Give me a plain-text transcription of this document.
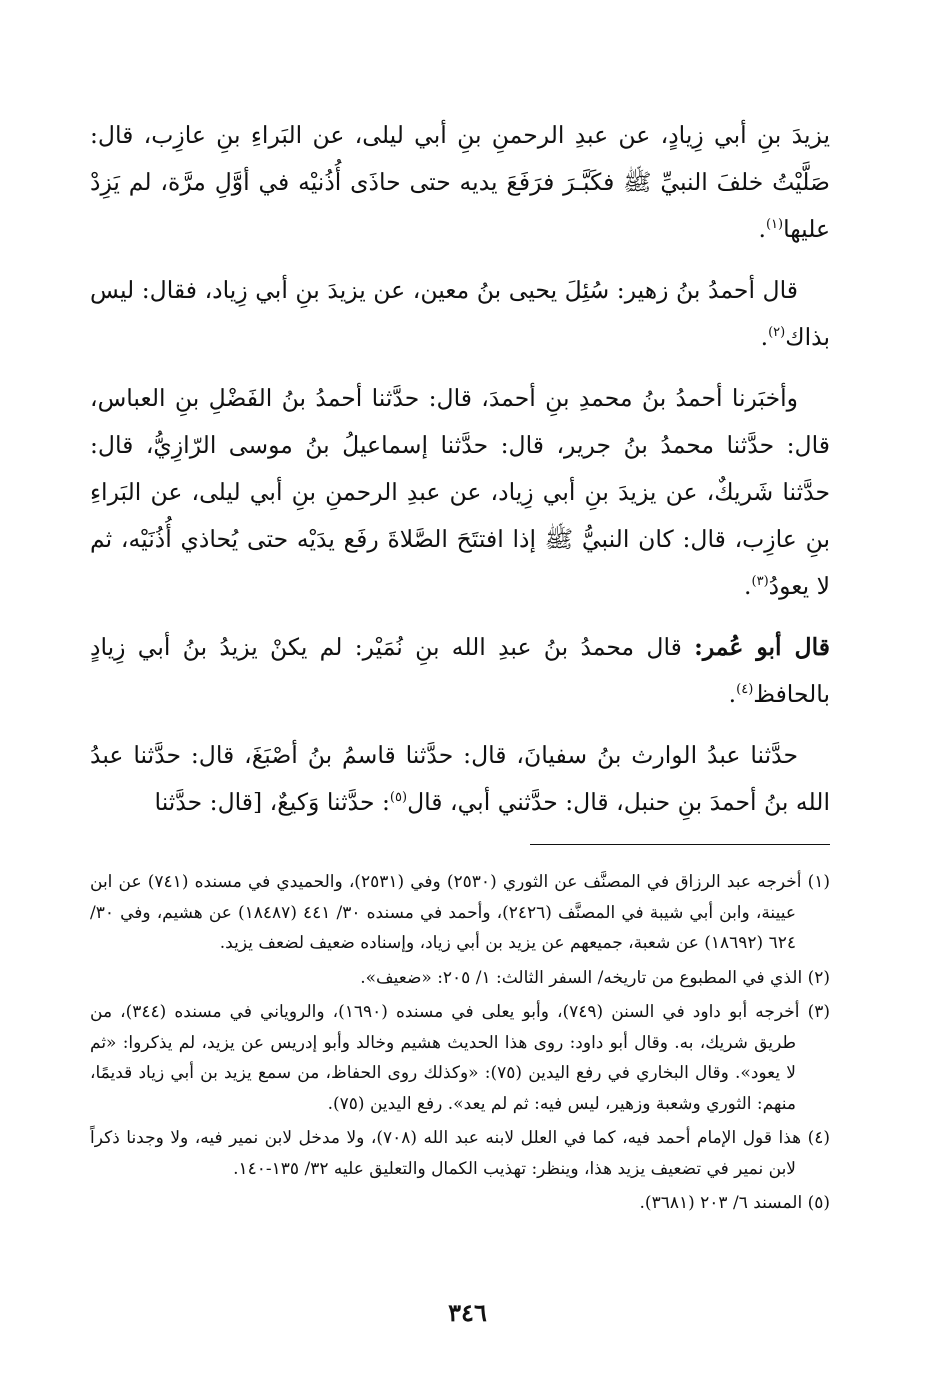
يزيدَ بنِ أبي زِيادٍ، عن عبدِ الرحمنِ بنِ أبي ليلى، عن البَراءِ بنِ عازِب، قال: صَلَّيْتُ خلفَ النبيِّ ﷺ فكَبَّـرَ فرَفَعَ يديه حتى حاذَى أُذُنيْه في أوَّلِ مرَّة، لم يَزِدْ عليها$^{(١)}$.

قال أحمدُ بنُ زهير: سُئِلَ يحيى بنُ معين، عن يزيدَ بنِ أبي زِياد، فقال: ليس بذاك$^{(٢)}$.

وأخبَرنا أحمدُ بنُ محمدِ بنِ أحمدَ، قال: حدَّثنا أحمدُ بنُ الفَضْلِ بنِ العباس، قال: حدَّثنا محمدُ بنُ جرير، قال: حدَّثنا إسماعيلُ بنُ موسى الرّازِيُّ، قال: حدَّثنا شَريكٌ، عن يزيدَ بنِ أبي زِياد، عن عبدِ الرحمنِ بنِ أبي ليلى، عن البَراءِ بنِ عازِب، قال: كان النبيُّ ﷺ إذا افتتَحَ الصَّلاةَ رفَع يدَيْه حتى يُحاذي أُذُنَيْه، ثم لا يعودُ$^{(٣)}$.

قال أبو عُمر: قال محمدُ بنُ عبدِ الله بنِ نُمَيْر: لم يكنْ يزيدُ بنُ أبي زِيادٍ بالحافظ$^{(٤)}$.

حدَّثنا عبدُ الوارث بنُ سفيانَ، قال: حدَّثنا قاسمُ بنُ أصْبَغَ، قال: حدَّثنا عبدُ الله بنُ أحمدَ بنِ حنبل، قال: حدَّثني أبي، قال$^{(٥)}$: حدَّثنا وَكيعٌ، [قال: حدَّثنا

(١) أخرجه عبد الرزاق في المصنَّف عن الثوري (٢٥٣٠) وفي (٢٥٣١)، والحميدي في مسنده (٧٤١) عن ابن عيينة، وابن أبي شيبة في المصنَّف (٢٤٢٦)، وأحمد في مسنده ٣٠/ ٤٤١ (١٨٤٨٧) عن هشيم، وفي ٣٠/ ٦٢٤ (١٨٦٩٢) عن شعبة، جميعهم عن يزيد بن أبي زياد، وإسناده ضعيف لضعف يزيد.

(٢) الذي في المطبوع من تاريخه/ السفر الثالث: ١/ ٢٠٥: «ضعيف».

(٣) أخرجه أبو داود في السنن (٧٤٩)، وأبو يعلى في مسنده (١٦٩٠)، والروياني في مسنده (٣٤٤)، من طريق شريك، به. وقال أبو داود: روى هذا الحديث هشيم وخالد وأبو إدريس عن يزيد، لم يذكروا: «ثم لا يعود». وقال البخاري في رفع اليدين (٧٥): «وكذلك روى الحفاظ، من سمع يزيد بن أبي زياد قديمًا، منهم: الثوري وشعبة وزهير، ليس فيه: ثم لم يعد». رفع اليدين (٧٥).

(٤) هذا قول الإمام أحمد فيه، كما في العلل لابنه عبد الله (٧٠٨)، ولا مدخل لابن نمير فيه، ولا وجدنا ذكراً لابن نمير في تضعيف يزيد هذا، وينظر: تهذيب الكمال والتعليق عليه ٣٢/ ١٣٥-١٤٠.

(٥) المسند ٦/ ٢٠٣ (٣٦٨١).

٣٤٦
